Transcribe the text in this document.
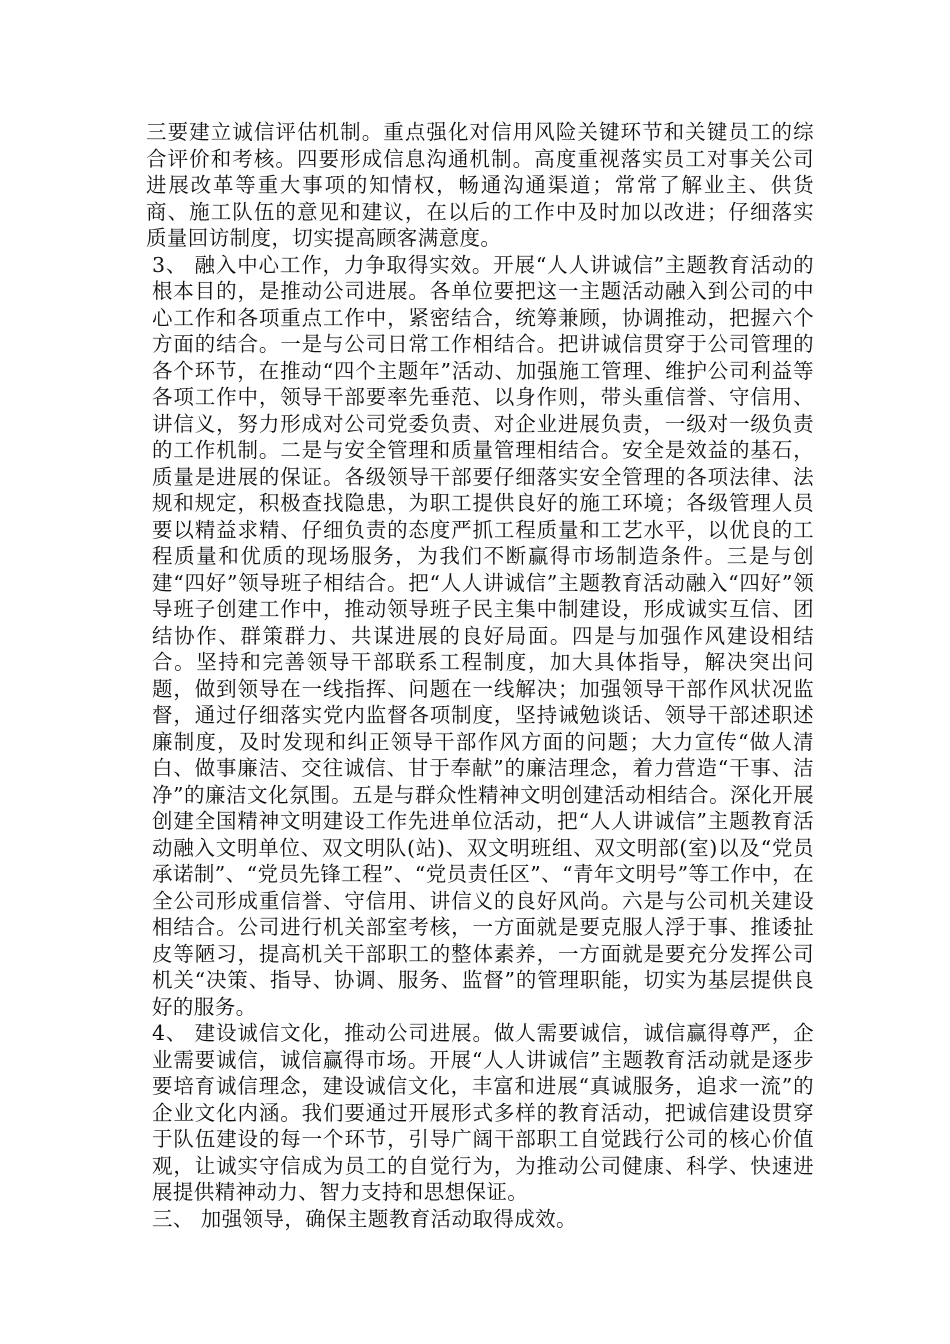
三要建立诚信评估机制。重点强化对信用风险关键环节和关键员工的综合评价和考核。四要形成信息沟通机制。高度重视落实员工对事关公司进展改革等重大事项的知情权，畅通沟通渠道；常常了解业主、供货商、施工队伍的意见和建议，在以后的工作中及时加以改进；仔细落实质量回访制度，切实提高顾客满意度。

3、 融入中心工作，力争取得实效。开展“人人讲诚信”主题教育活动的根本目的，是推动公司进展。各单位要把这一主题活动融入到公司的中心工作和各项重点工作中，紧密结合，统筹兼顾，协调推动，把握六个方面的结合。一是与公司日常工作相结合。把讲诚信贯穿于公司管理的各个环节，在推动“四个主题年”活动、加强施工管理、维护公司利益等各项工作中，领导干部要率先垂范、以身作则，带头重信誉、守信用、讲信义，努力形成对公司党委负责、对企业进展负责，一级对一级负责的工作机制。二是与安全管理和质量管理相结合。安全是效益的基石，质量是进展的保证。各级领导干部要仔细落实安全管理的各项法律、法规和规定，积极查找隐患，为职工提供良好的施工环境；各级管理人员要以精益求精、仔细负责的态度严抓工程质量和工艺水平，以优良的工程质量和优质的现场服务，为我们不断赢得市场制造条件。三是与创建“四好”领导班子相结合。把“人人讲诚信”主题教育活动融入“四好”领导班子创建工作中，推动领导班子民主集中制建设，形成诚实互信、团结协作、群策群力、共谋进展的良好局面。四是与加强作风建设相结合。坚持和完善领导干部联系工程制度，加大具体指导，解决突出问题，做到领导在一线指挥、问题在一线解决；加强领导干部作风状况监督，通过仔细落实党内监督各项制度，坚持诫勉谈话、领导干部述职述廉制度，及时发现和纠正领导干部作风方面的问题；大力宣传“做人清白、做事廉洁、交往诚信、甘于奉献”的廉洁理念，着力营造“干事、洁净”的廉洁文化氛围。五是与群众性精神文明创建活动相结合。深化开展创建全国精神文明建设工作先进单位活动，把“人人讲诚信”主题教育活动融入文明单位、双文明队(站)、双文明班组、双文明部(室)以及“党员承诺制”、“党员先锋工程”、“党员责任区”、“青年文明号”等工作中，在全公司形成重信誉、守信用、讲信义的良好风尚。六是与公司机关建设相结合。公司进行机关部室考核，一方面就是要克服人浮于事、推诿扯皮等陋习，提高机关干部职工的整体素养，一方面就是要充分发挥公司机关“决策、指导、协调、服务、监督”的管理职能，切实为基层提供良好的服务。

4、 建设诚信文化，推动公司进展。做人需要诚信，诚信赢得尊严，企业需要诚信，诚信赢得市场。开展“人人讲诚信”主题教育活动就是逐步要培育诚信理念，建设诚信文化，丰富和进展“真诚服务，追求一流”的企业文化内涵。我们要通过开展形式多样的教育活动，把诚信建设贯穿于队伍建设的每一个环节，引导广阔干部职工自觉践行公司的核心价值观，让诚实守信成为员工的自觉行为，为推动公司健康、科学、快速进展提供精神动力、智力支持和思想保证。

三、 加强领导，确保主题教育活动取得成效。
